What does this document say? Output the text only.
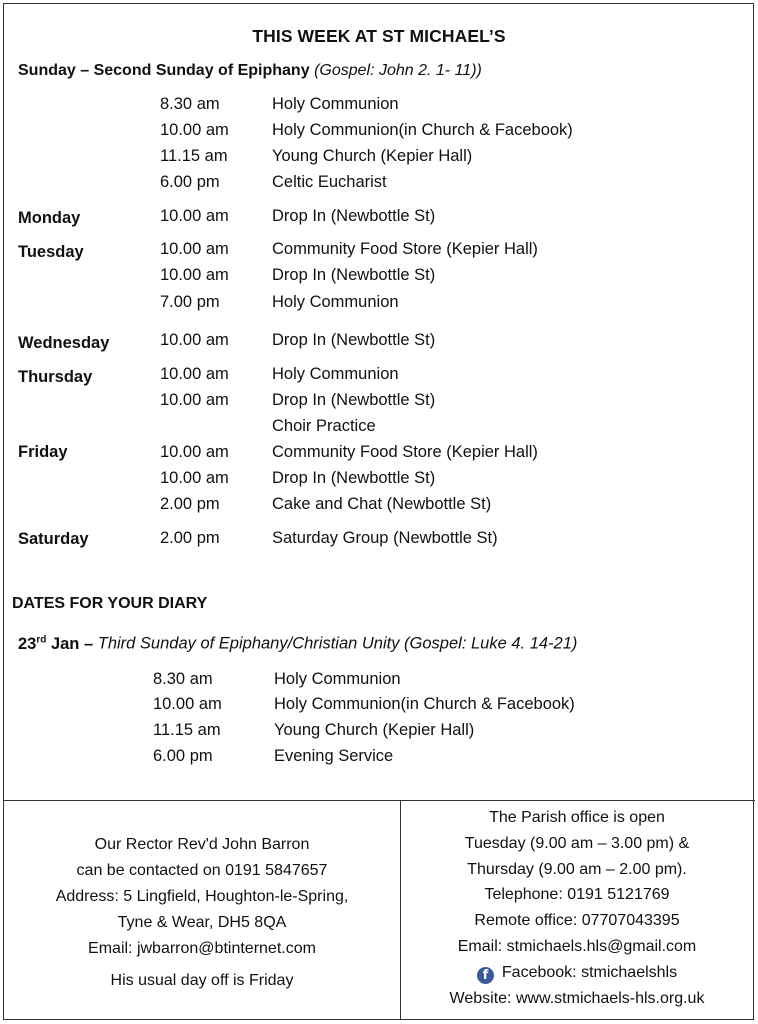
THIS WEEK AT ST MICHAEL’S
Sunday – Second Sunday of Epiphany (Gospel: John 2. 1- 11))
8.30 am	Holy Communion
10.00 am	Holy Communion(in Church & Facebook)
11.15 am	Young Church (Kepier Hall)
6.00 pm	Celtic Eucharist
Monday	10.00 am	Drop In (Newbottle St)
Tuesday	10.00 am	Community Food Store (Kepier Hall)
10.00 am	Drop In (Newbottle St)
7.00 pm	Holy Communion
Wednesday	10.00 am	Drop In (Newbottle St)
Thursday	10.00 am	Holy Communion
10.00 am	Drop In (Newbottle St)
Choir Practice
Friday	10.00 am	Community Food Store (Kepier Hall)
10.00 am	Drop In (Newbottle St)
2.00 pm	Cake and Chat (Newbottle St)
Saturday	2.00 pm	Saturday Group (Newbottle St)
DATES FOR YOUR DIARY
23rd Jan – Third Sunday of Epiphany/Christian Unity (Gospel: Luke 4. 14-21)
8.30 am	Holy Communion
10.00 am	Holy Communion(in Church & Facebook)
11.15 am	Young Church (Kepier Hall)
6.00 pm	Evening Service
Our Rector Rev'd John Barron
can be contacted on 0191 5847657
Address: 5 Lingfield, Houghton-le-Spring,
Tyne & Wear, DH5 8QA
Email: jwbarron@btinternet.com
His usual day off is Friday
The Parish office is open
Tuesday (9.00 am – 3.00 pm) &
Thursday (9.00 am – 2.00 pm).
Telephone: 0191 5121769
Remote office: 07707043395
Email: stmichaels.hls@gmail.com
f Facebook: stmichaelshls
Website: www.stmichaels-hls.org.uk
